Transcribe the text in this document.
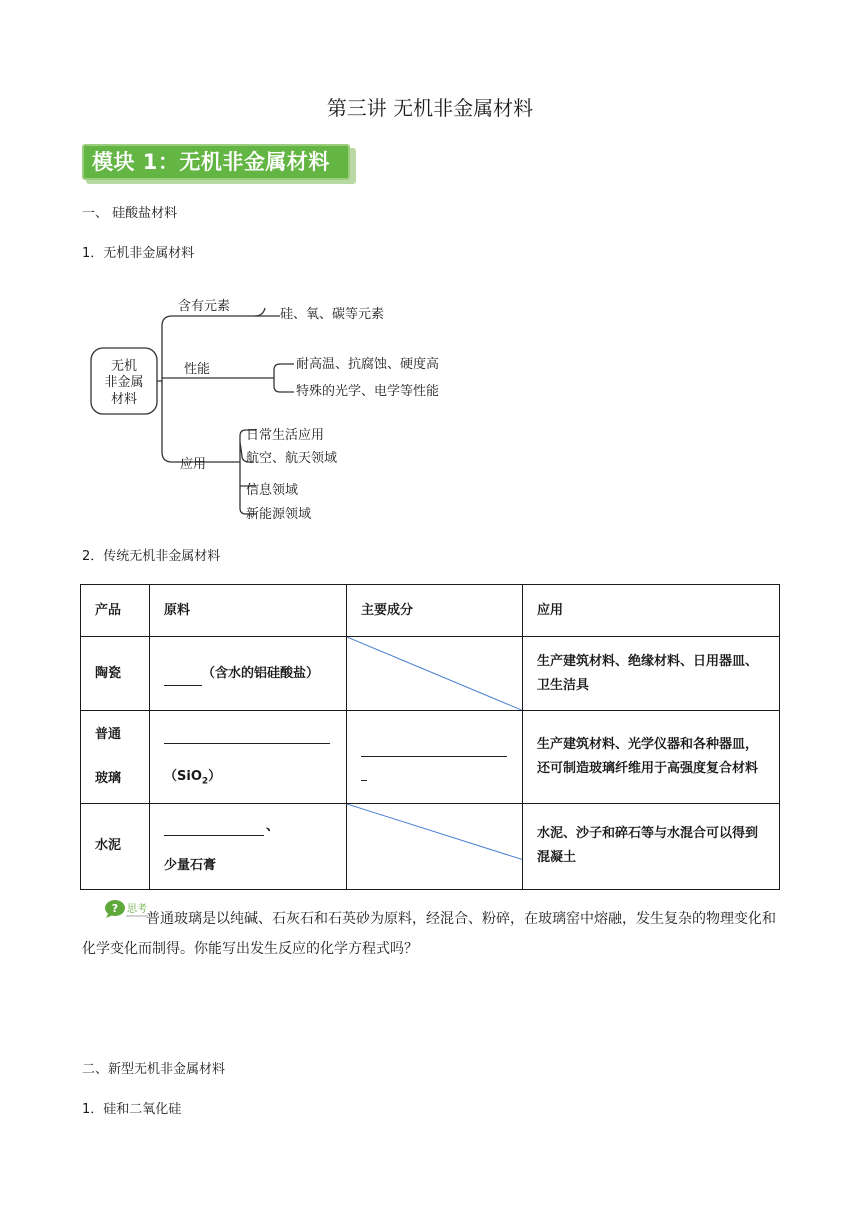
第三讲 无机非金属材料
模块 1：无机非金属材料
一、 硅酸盐材料
1．无机非金属材料
无机
非金属
材料
含有元素
硅、氧、碳等元素
性能	耐高温、抗腐蚀、硬度高
特殊的光学、电学等性能
应用
日常生活应用
航空、航天领域
信息领域
新能源领域
2．传统无机非金属材料
产品	原料	主要成分	应用
陶瓷	（含水的铝硅酸盐）		生产建筑材料、绝缘材料、日用器皿、卫生洁具

普通
玻璃	（SiO$_2$）		生产建筑材料、光学仪器和各种器皿，还可制造玻璃纤维用于高强度复合材料
水泥	、
少量石膏		水泥、沙子和碎石等与水混合可以得到混凝土
? 思考
普通玻璃是以纯碱、石灰石和石英砂为原料，经混合、粉碎，在玻璃窑中熔融，发生复杂的物理变化和化学变化而制得。你能写出发生反应的化学方程式吗？
二、新型无机非金属材料
1．硅和二氧化硅
